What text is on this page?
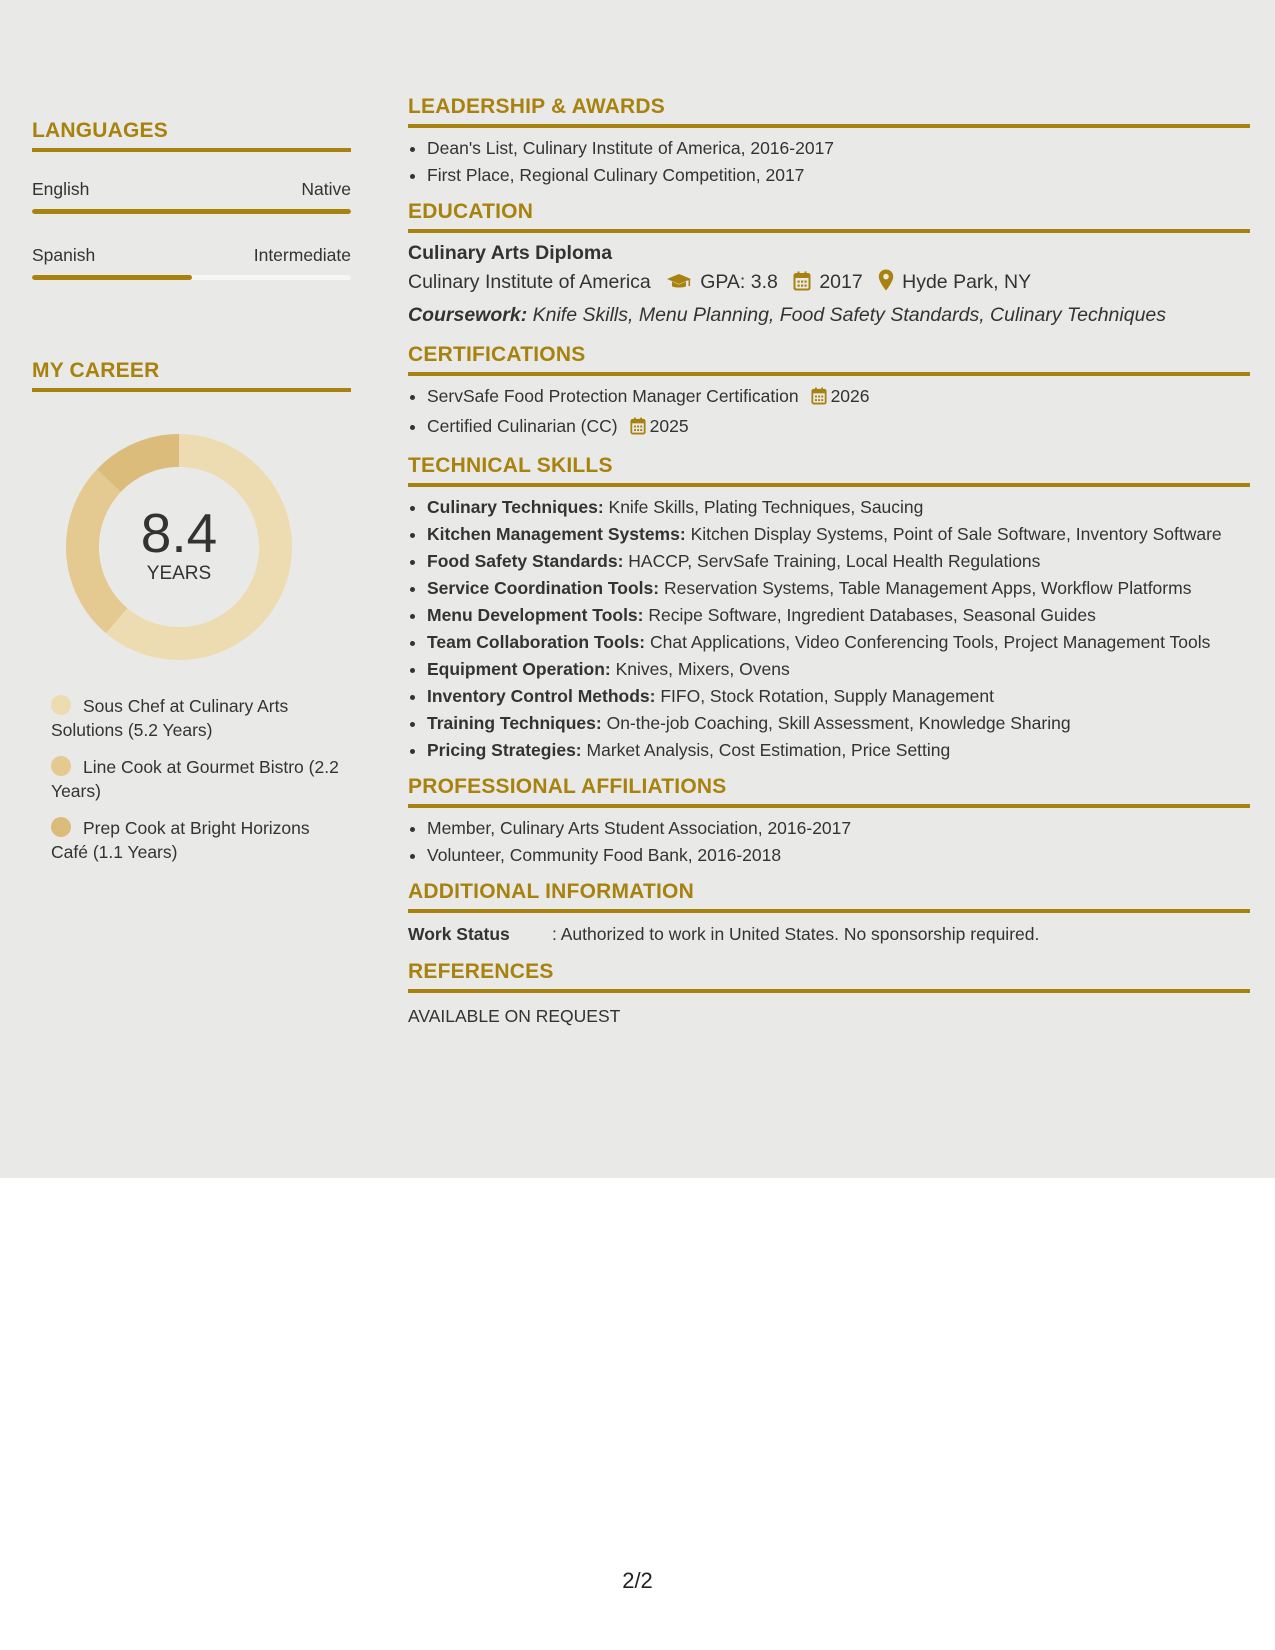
LANGUAGES
English	Native
Spanish	Intermediate
MY CAREER
8.4
YEARS
Sous Chef at Culinary Arts Solutions (5.2 Years)
Line Cook at Gourmet Bistro (2.2 Years)
Prep Cook at Bright Horizons Café (1.1 Years)
LEADERSHIP & AWARDS
• Dean's List, Culinary Institute of America, 2016-2017
• First Place, Regional Culinary Competition, 2017
EDUCATION
Culinary Arts Diploma
Culinary Institute of America	GPA: 3.8 2017 Hyde Park, NY
Coursework: Knife Skills, Menu Planning, Food Safety Standards, Culinary Techniques
CERTIFICATIONS
• ServSafe Food Protection Manager Certification 2026
• Certified Culinarian (CC) 2025
TECHNICAL SKILLS
• Culinary Techniques: Knife Skills, Plating Techniques, Saucing
• Kitchen Management Systems: Kitchen Display Systems, Point of Sale Software, Inventory Software
• Food Safety Standards: HACCP, ServSafe Training, Local Health Regulations
• Service Coordination Tools: Reservation Systems, Table Management Apps, Workflow Platforms
• Menu Development Tools: Recipe Software, Ingredient Databases, Seasonal Guides
• Team Collaboration Tools: Chat Applications, Video Conferencing Tools, Project Management Tools
• Equipment Operation: Knives, Mixers, Ovens
• Inventory Control Methods: FIFO, Stock Rotation, Supply Management
• Training Techniques: On-the-job Coaching, Skill Assessment, Knowledge Sharing
• Pricing Strategies: Market Analysis, Cost Estimation, Price Setting
PROFESSIONAL AFFILIATIONS
• Member, Culinary Arts Student Association, 2016-2017
• Volunteer, Community Food Bank, 2016-2018
ADDITIONAL INFORMATION
Work Status : Authorized to work in United States. No sponsorship required.
REFERENCES
AVAILABLE ON REQUEST
2/2
